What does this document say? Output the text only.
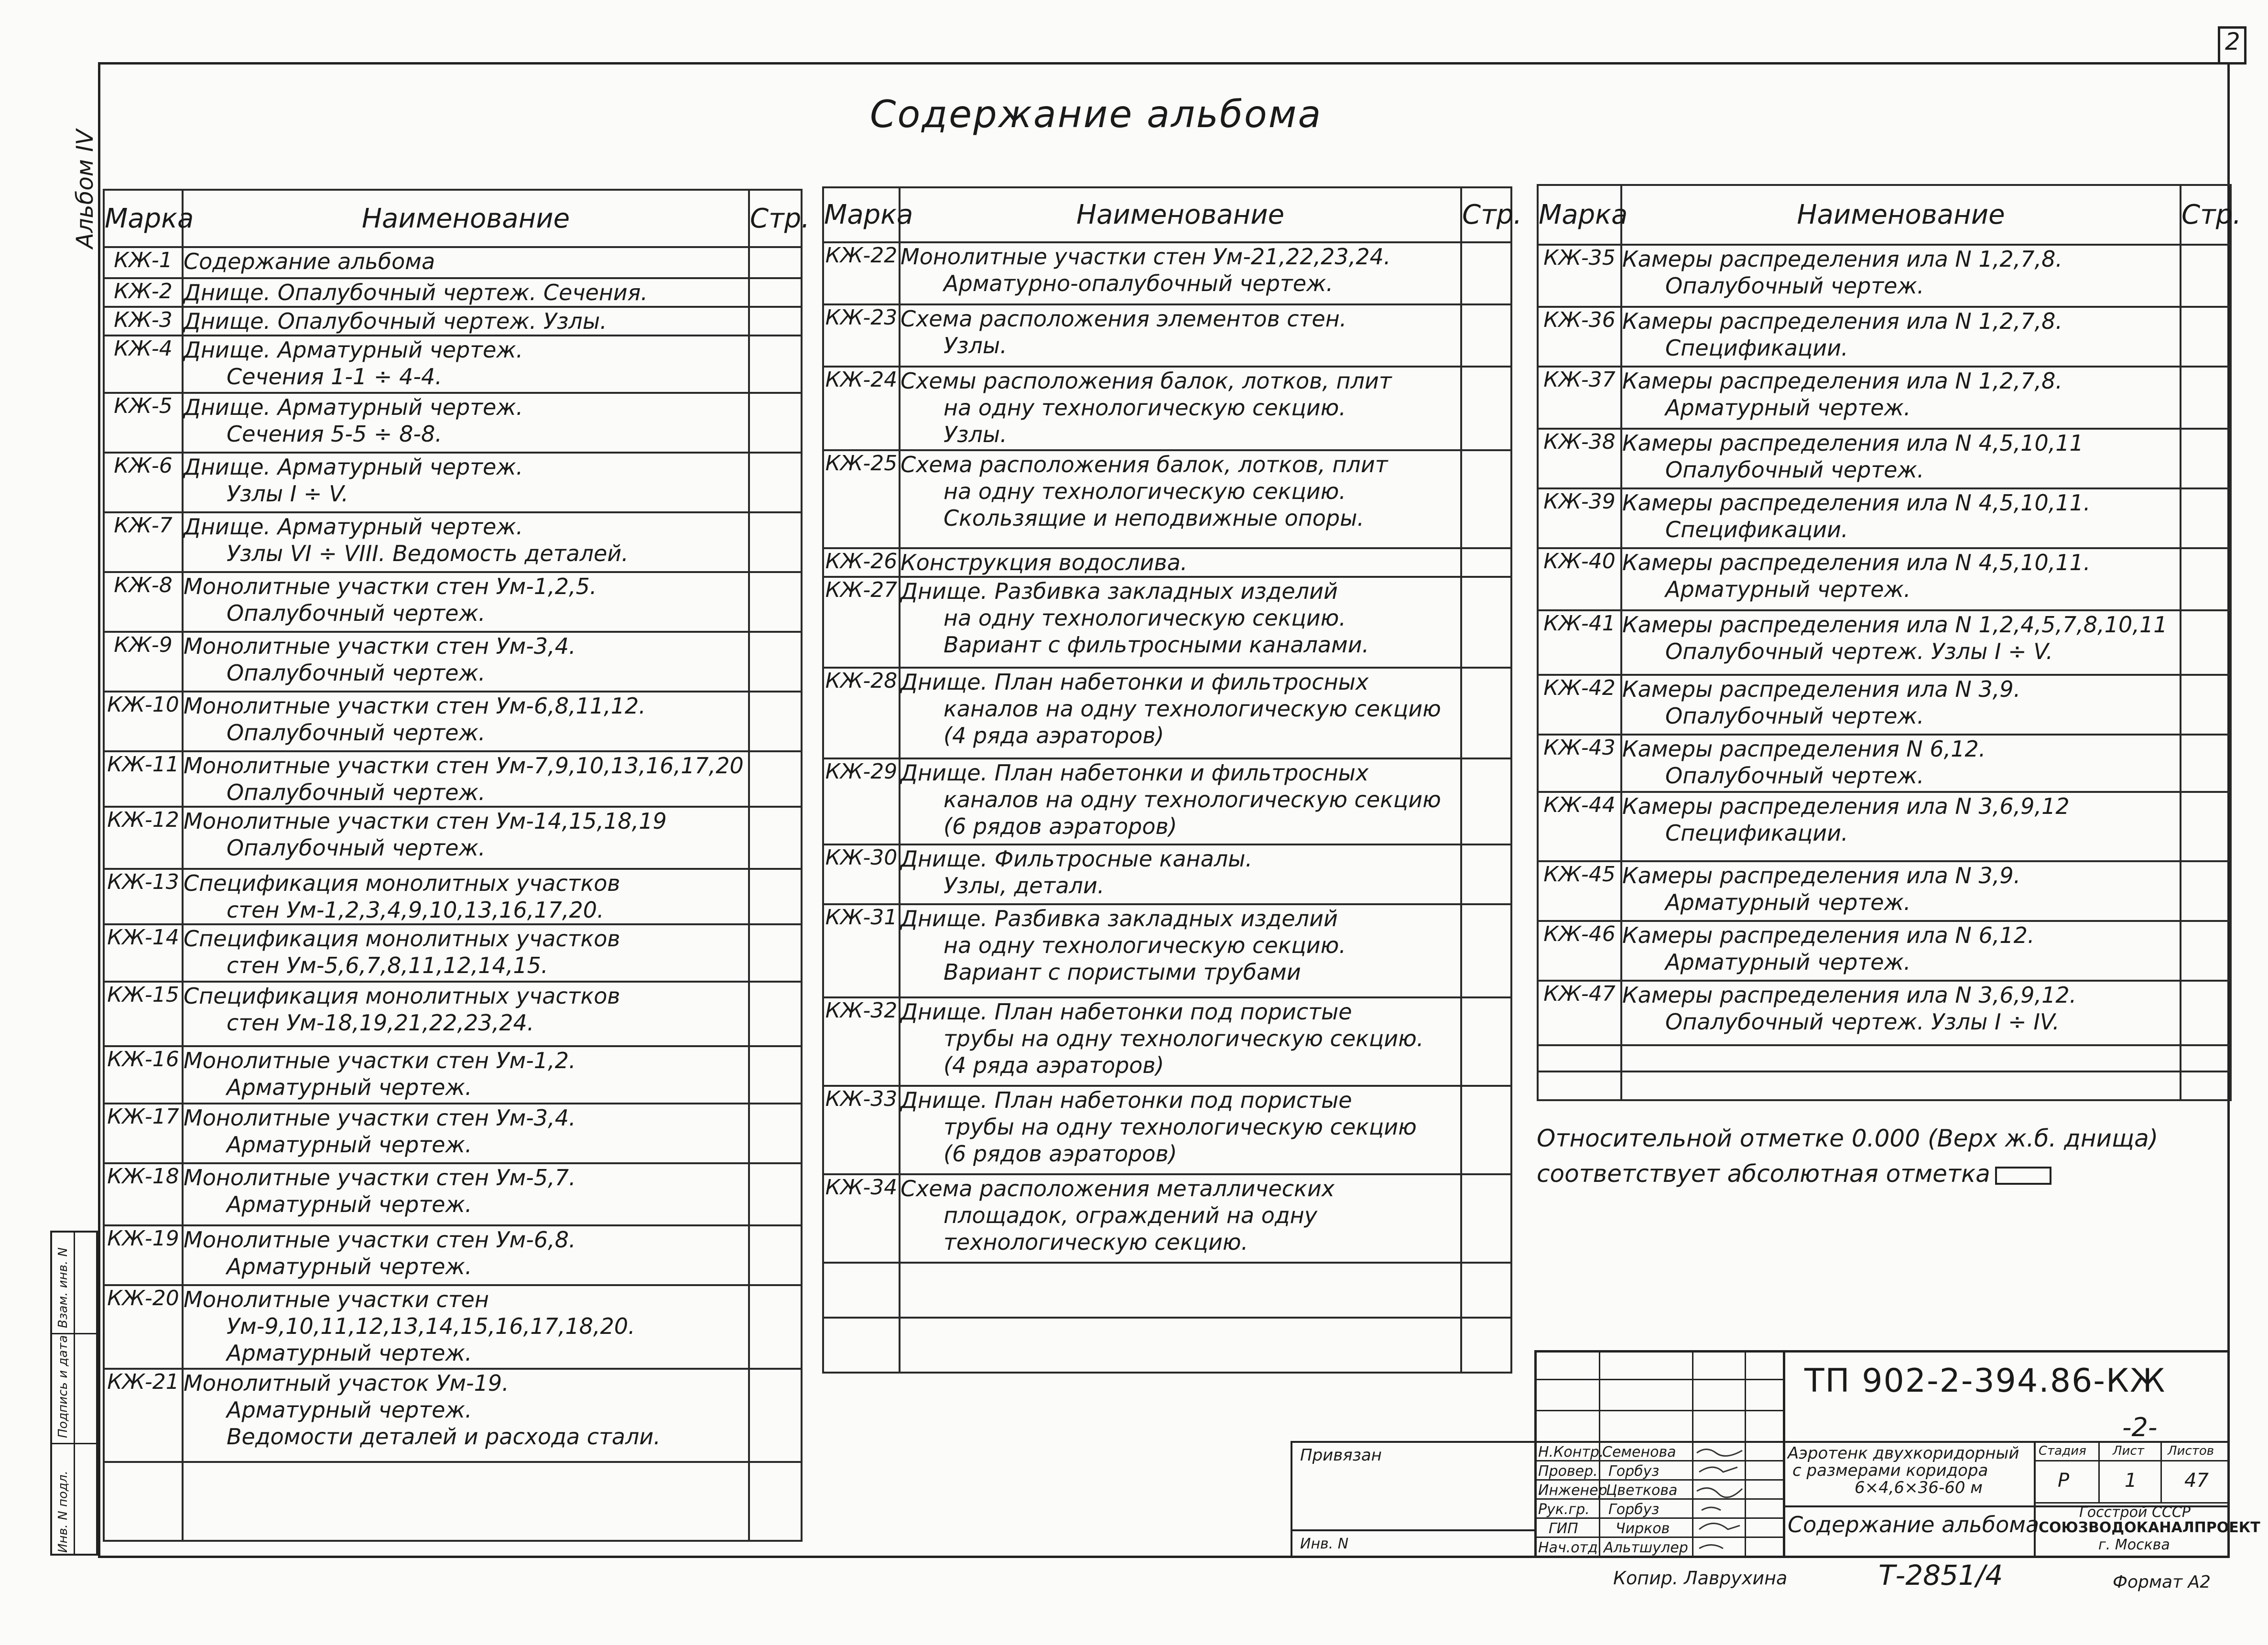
2
Альбом IV
Содержание альбома
Марка	Наименование	Стр.
КЖ-1	Содержание альбома	

КЖ-2	Днище. Опалубочный чертеж. Сечения.	

КЖ-3	Днище. Опалубочный чертеж. Узлы.	

КЖ-4	Днище. Арматурный чертеж.
Сечения 1-1 ÷ 4-4.	

КЖ-5	Днище. Арматурный чертеж.
Сечения 5-5 ÷ 8-8.	

КЖ-6	Днище. Арматурный чертеж.
Узлы I ÷ V.	

КЖ-7	Днище. Арматурный чертеж.
Узлы VI ÷ VIII. Ведомость деталей.	

КЖ-8	Монолитные участки стен Ум-1,2,5.
Опалубочный чертеж.	

КЖ-9	Монолитные участки стен Ум-3,4.
Опалубочный чертеж.	

КЖ-10	Монолитные участки стен Ум-6,8,11,12.
Опалубочный чертеж.	

КЖ-11	Монолитные участки стен Ум-7,9,10,13,16,17,20
Опалубочный чертеж.	

КЖ-12	Монолитные участки стен Ум-14,15,18,19
Опалубочный чертеж.	

КЖ-13	Спецификация монолитных участков
стен Ум-1,2,3,4,9,10,13,16,17,20.	

КЖ-14	Спецификация монолитных участков
стен Ум-5,6,7,8,11,12,14,15.	

КЖ-15	Спецификация монолитных участков
стен Ум-18,19,21,22,23,24.	

КЖ-16	Монолитные участки стен Ум-1,2.
Арматурный чертеж.	

КЖ-17	Монолитные участки стен Ум-3,4.
Арматурный чертеж.	

КЖ-18	Монолитные участки стен Ум-5,7.
Арматурный чертеж.	

КЖ-19	Монолитные участки стен Ум-6,8.
Арматурный чертеж.	

КЖ-20	Монолитные участки стен
Ум-9,10,11,12,13,14,15,16,17,18,20.
Арматурный чертеж.	

КЖ-21	Монолитный участок Ум-19.
Арматурный чертеж.
Ведомости деталей и расхода стали.	

Марка	Наименование	Стр.
КЖ-22	Монолитные участки стен Ум-21,22,23,24.
Арматурно-опалубочный чертеж.	

КЖ-23	Схема расположения элементов стен.
Узлы.	

КЖ-24	Схемы расположения балок, лотков, плит
на одну технологическую секцию.
Узлы.	

КЖ-25	Схема расположения балок, лотков, плит
на одну технологическую секцию.
Скользящие и неподвижные опоры.	

КЖ-26	Конструкция водослива.	

КЖ-27	Днище. Разбивка закладных изделий
на одну технологическую секцию.
Вариант с фильтросными каналами.	

КЖ-28	Днище. План набетонки и фильтросных
каналов на одну технологическую секцию
(4 ряда аэраторов)	

КЖ-29	Днище. План набетонки и фильтросных
каналов на одну технологическую секцию
(6 рядов аэраторов)	

КЖ-30	Днище. Фильтросные каналы.
Узлы, детали.	

КЖ-31	Днище. Разбивка закладных изделий
на одну технологическую секцию.
Вариант с пористыми трубами	

КЖ-32	Днище. План набетонки под пористые
трубы на одну технологическую секцию.
(4 ряда аэраторов)	

КЖ-33	Днище. План набетонки под пористые
трубы на одну технологическую секцию
(6 рядов аэраторов)	

КЖ-34	Схема расположения металлических
площадок, ограждений на одну
технологическую секцию.	

Марка	Наименование	Стр.
КЖ-35	Камеры распределения ила N 1,2,7,8.
Опалубочный чертеж.	

КЖ-36	Камеры распределения ила N 1,2,7,8.
Спецификации.	

КЖ-37	Камеры распределения ила N 1,2,7,8.
Арматурный чертеж.	

КЖ-38	Камеры распределения ила N 4,5,10,11
Опалубочный чертеж.	

КЖ-39	Камеры распределения ила N 4,5,10,11.
Спецификации.	

КЖ-40	Камеры распределения ила N 4,5,10,11.
Арматурный чертеж.	

КЖ-41	Камеры распределения ила N 1,2,4,5,7,8,10,11
Опалубочный чертеж. Узлы I ÷ V.	

КЖ-42	Камеры распределения ила N 3,9.
Опалубочный чертеж.	

КЖ-43	Камеры распределения N 6,12.
Опалубочный чертеж.	

КЖ-44	Камеры распределения ила N 3,6,9,12
Спецификации.	

КЖ-45	Камеры распределения ила N 3,9.
Арматурный чертеж.	

КЖ-46	Камеры распределения ила N 6,12.
Арматурный чертеж.	

КЖ-47	Камеры распределения ила N 3,6,9,12.
Опалубочный чертеж. Узлы I ÷ IV.	

Относительной отметке 0.000 (Верх ж.б. днища)
соответствует абсолютная отметка
Привязан
Инв. N
Н.Контр.
Провер.
Инженер
Рук.гр.
ГИП
Нач.отд.
Семенова
Горбуз
Цветкова
Горбуз
Чирков
Альтшулер
ТП 902-2-394.86-КЖ
-2-
Аэротенк двухкоридорный
с размерами коридора
6×4,6×36-60 м
Содержание альбома
Стадия Лист Листов
Р	1 47
Госстрой СССР
СОЮЗВОДОКАНАЛПРОЕКТ
г. Москва
Копир. Лаврухина	Т-2851/4	Формат А2
Инв. N подл.
Подпись и дата
Взам. инв. N
